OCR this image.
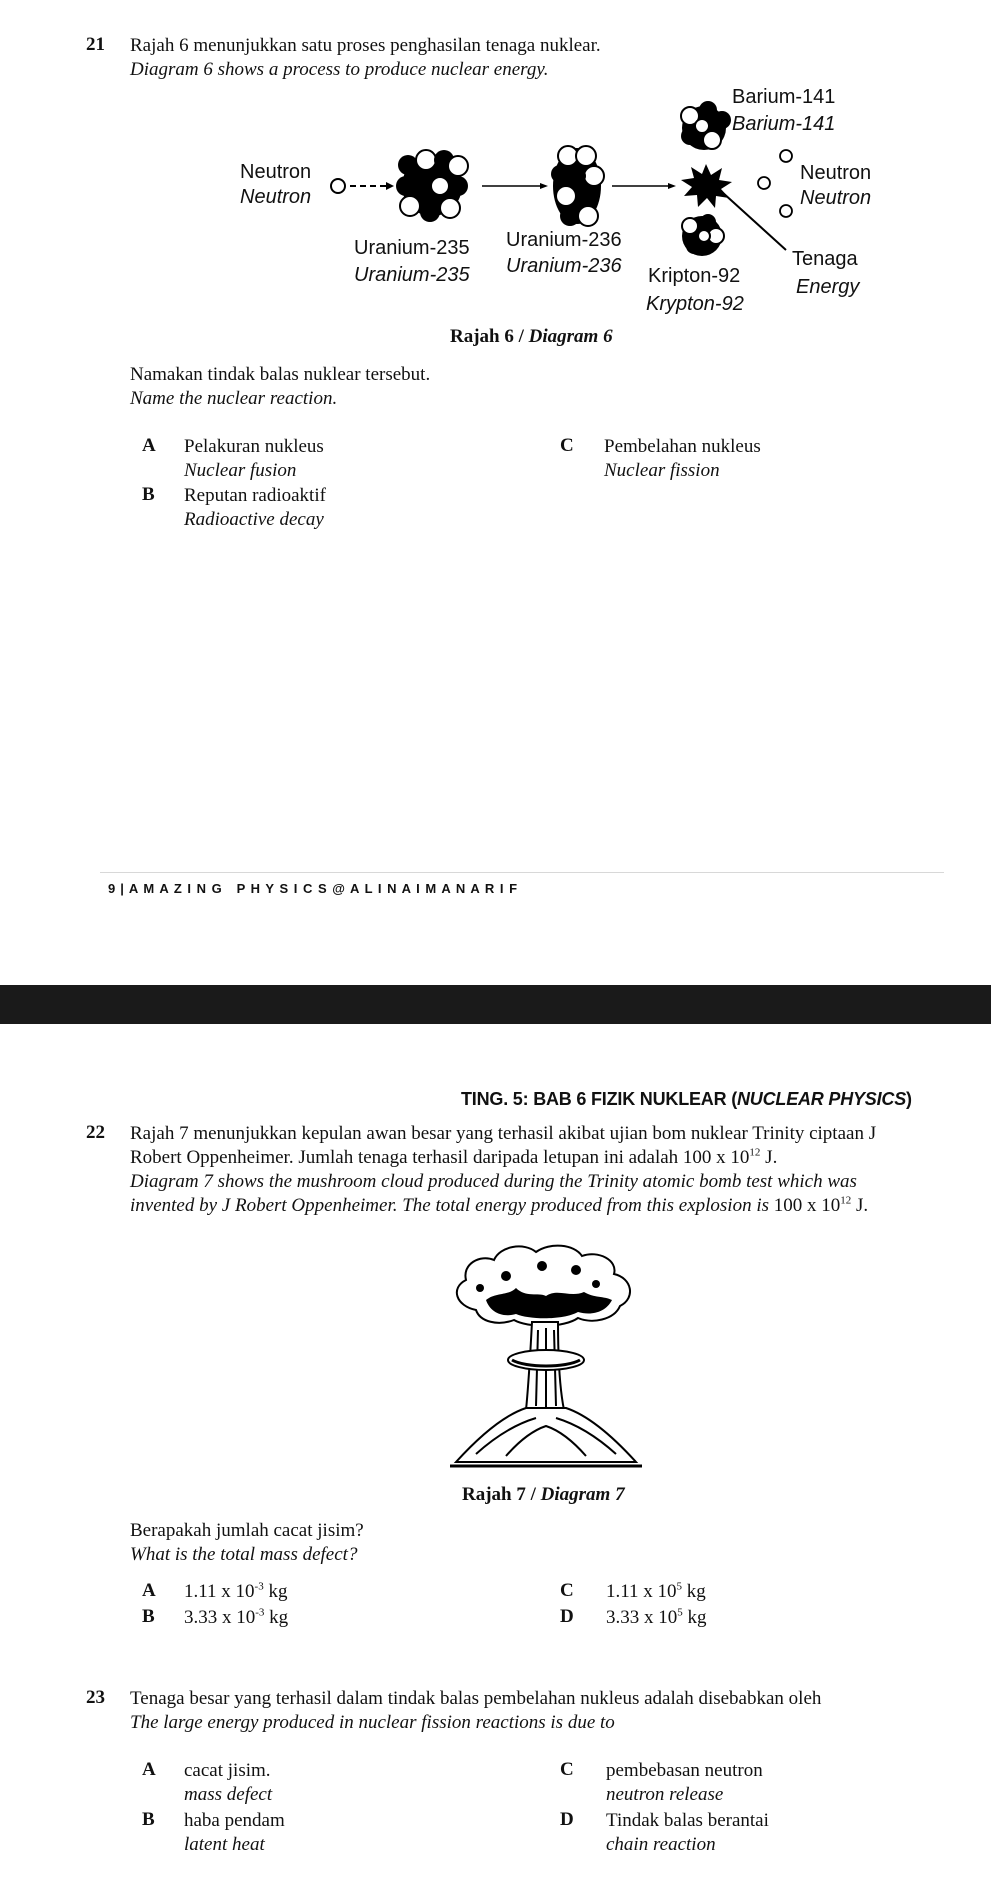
21 Rajah 6 menunjukkan satu proses penghasilan tenaga nuklear.
Diagram 6 shows a process to produce nuclear energy.
Neutron
Neutron
Uranium-235
Uranium-235
Uranium-236
Uranium-236
Barium-141
Barium-141
Neutron
Neutron
Tenaga
Energy
Kripton-92
Krypton-92
Rajah 6 / Diagram 6
Namakan tindak balas nuklear tersebut.
Name the nuclear reaction.
A Pelakuran nukleus
Nuclear fusion
B Reputan radioaktif
Radioactive decay
C Pembelahan nukleus
Nuclear fission
9 | A M A Z I N G   P H Y S I C S @ A L I N A I M A N A R I F
TING. 5: BAB 6 FIZIK NUKLEAR (NUCLEAR PHYSICS)
22 Rajah 7 menunjukkan kepulan awan besar yang terhasil akibat ujian bom nuklear Trinity ciptaan J
Robert Oppenheimer. Jumlah tenaga terhasil daripada letupan ini adalah 100 x $10^{12}$ J.
Diagram 7 shows the mushroom cloud produced during the Trinity atomic bomb test which was
invented by J Robert Oppenheimer. The total energy produced from this explosion is 100 x $10^{12}$ J.
Rajah 7 / Diagram 7
Berapakah jumlah cacat jisim?
What is the total mass defect?
A 1.11 x $10^{-3}$ kg
B 3.33 x $10^{-3}$ kg
C 1.11 x $10^5$ kg
D 3.33 x $10^5$ kg
23 Tenaga besar yang terhasil dalam tindak balas pembelahan nukleus adalah disebabkan oleh
The large energy produced in nuclear fission reactions is due to
A cacat jisim.
mass defect
B haba pendam
latent heat
C pembebasan neutron
neutron release
D Tindak balas berantai
chain reaction
